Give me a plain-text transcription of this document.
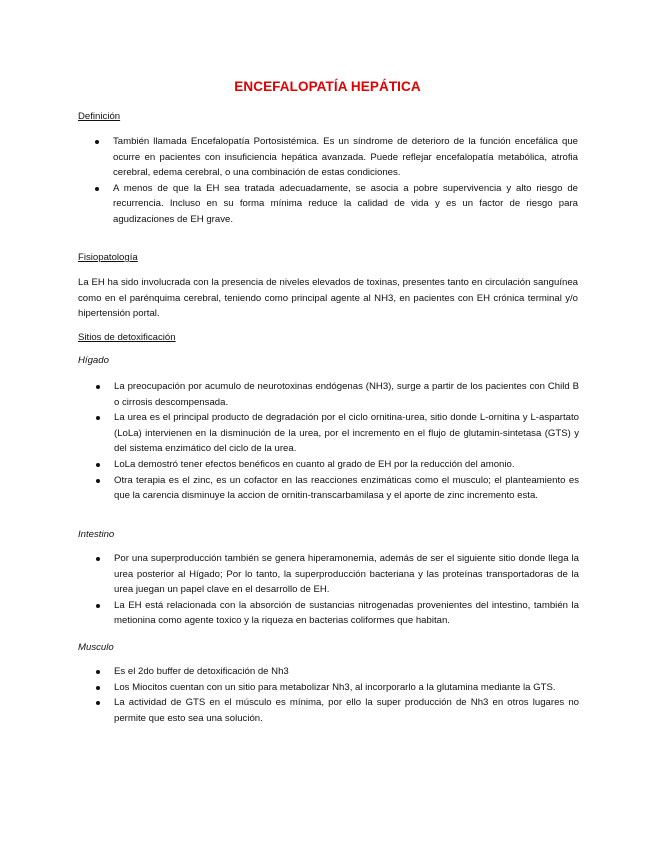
ENCEFALOPATÍA HEPÁTICA
Definición
También llamada Encefalopatía Portosistémica. Es un síndrome de deterioro de la función encefálica que ocurre en pacientes con insuficiencia hepática avanzada. Puede reflejar encefalopatía metabólica, atrofia cerebral, edema cerebral, o una combinación de estas condiciones.
A menos de que la EH sea tratada adecuadamente, se asocia a pobre supervivencia y alto riesgo de recurrencia. Incluso en su forma mínima reduce la calidad de vida y es un factor de riesgo para agudizaciones de EH grave.
Fisiopatología
La EH ha sido involucrada con la presencia de niveles elevados de toxinas, presentes tanto en circulación sanguínea como en el parénquima cerebral, teniendo como principal agente al NH3, en pacientes con EH crónica terminal y/o hipertensión portal.
Sitios de detoxificación
Hígado
La preocupación por acumulo de neurotoxinas endógenas (NH3), surge a partir de los pacientes con Child B o cirrosis descompensada.
La urea es el principal producto de degradación por el ciclo ornitina-urea, sitio donde L-ornitina y L-aspartato (LoLa) intervienen en la disminución de la urea, por el incremento en el flujo de glutamin-sintetasa (GTS) y del sistema enzimático del ciclo de la urea.
LoLa demostró tener efectos benéficos en cuanto al grado de EH por la reducción del amonio.
Otra terapia es el zinc, es un cofactor en las reacciones enzimáticas como el musculo; el planteamiento es que la carencia disminuye la accion de ornitin-transcarbamilasa y el aporte de zinc incremento esta.
Intestino
Por una superproducción también se genera hiperamonemia, además de ser el siguiente sitio donde llega la urea posterior al Hígado; Por lo tanto, la superproducción bacteriana y las proteínas transportadoras de la urea juegan un papel clave en el desarrollo de EH.
La EH está relacionada con la absorción de sustancias nitrogenadas provenientes del intestino, también la metionina como agente toxico y la riqueza en bacterias coliformes que habitan.
Musculo
Es el 2do buffer de detoxificación de Nh3
Los Miocitos cuentan con un sitio para metabolizar Nh3, al incorporarlo a la glutamina mediante la GTS.
La actividad de GTS en el músculo es mínima, por ello la super producción de Nh3 en otros lugares no permite que esto sea una solución.
